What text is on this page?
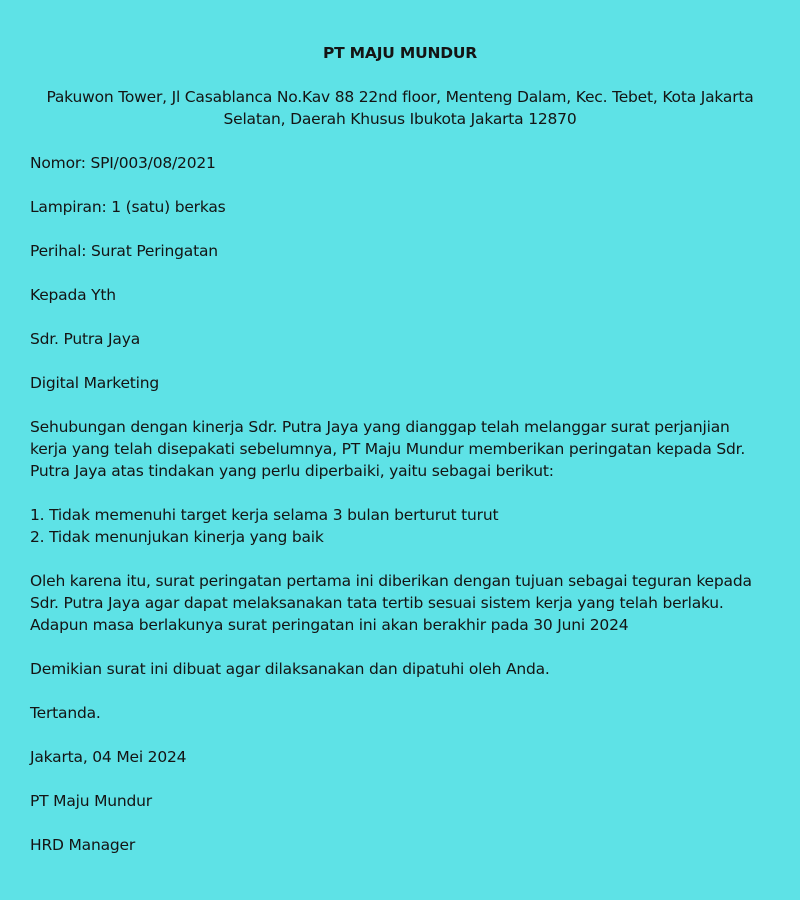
PT MAJU MUNDUR
Pakuwon Tower, Jl Casablanca No.Kav 88 22nd floor, Menteng Dalam, Kec. Tebet, Kota Jakarta Selatan, Daerah Khusus Ibukota Jakarta 12870
Nomor: SPI/003/08/2021
Lampiran: 1 (satu) berkas
Perihal: Surat Peringatan
Kepada Yth
Sdr. Putra Jaya
Digital Marketing
Sehubungan dengan kinerja Sdr. Putra Jaya yang dianggap telah melanggar surat perjanjian kerja yang telah disepakati sebelumnya, PT Maju Mundur memberikan peringatan kepada Sdr. Putra Jaya atas tindakan yang perlu diperbaiki, yaitu sebagai berikut:
1. Tidak memenuhi target kerja selama 3 bulan berturut turut
2. Tidak menunjukan kinerja yang baik
Oleh karena itu, surat peringatan pertama ini diberikan dengan tujuan sebagai teguran kepada Sdr. Putra Jaya agar dapat melaksanakan tata tertib sesuai sistem kerja yang telah berlaku. Adapun masa berlakunya surat peringatan ini akan berakhir pada 30 Juni 2024
Demikian surat ini dibuat agar dilaksanakan dan dipatuhi oleh Anda.
Tertanda.
Jakarta, 04 Mei 2024
PT Maju Mundur
HRD Manager
